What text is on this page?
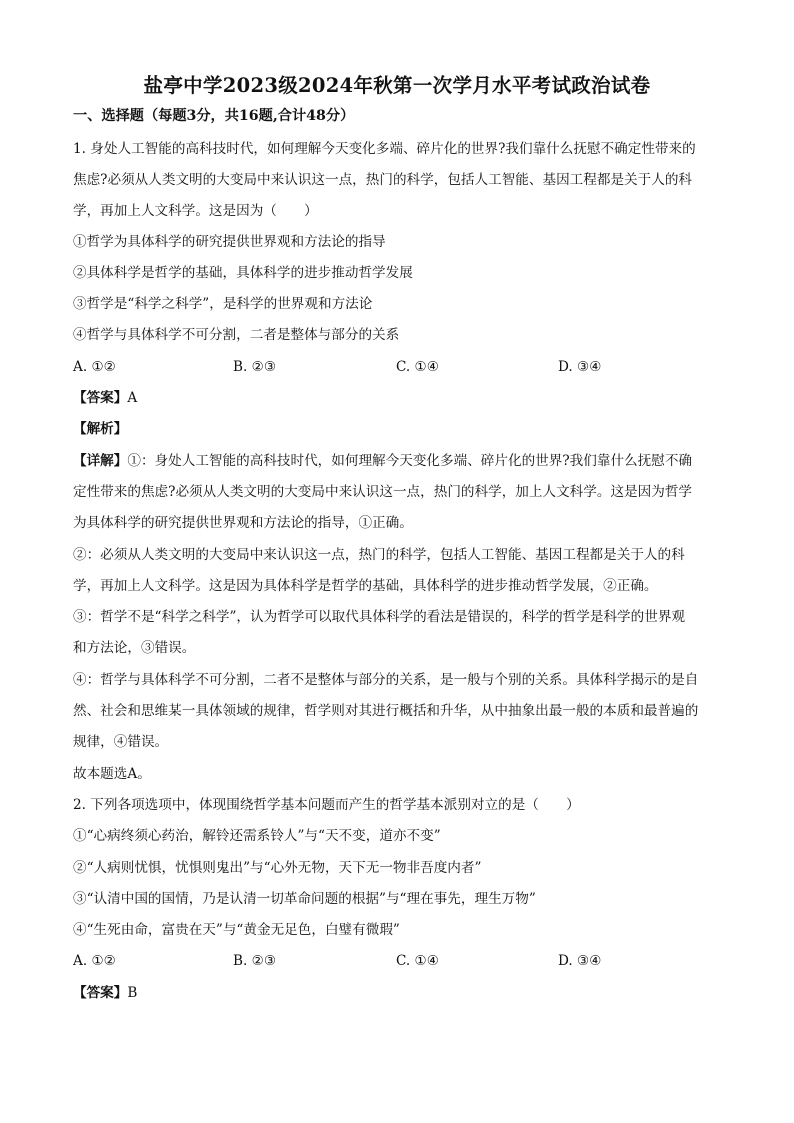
盐亭中学2023级2024年秋第一次学月水平考试政治试卷
一、选择题（每题3分，共16题,合计48分）
1. 身处人工智能的高科技时代，如何理解今天变化多端、碎片化的世界?我们靠什么抚慰不确定性带来的
焦虑?必须从人类文明的大变局中来认识这一点，热门的科学，包括人工智能、基因工程都是关于人的科
学，再加上人文科学。这是因为（　　）
①哲学为具体科学的研究提供世界观和方法论的指导
②具体科学是哲学的基础，具体科学的进步推动哲学发展
③哲学是“科学之科学”，是科学的世界观和方法论
④哲学与具体科学不可分割，二者是整体与部分的关系
A. ①②	B. ②③	C. ①④	D. ③④
【答案】A
【解析】
【详解】①：身处人工智能的高科技时代，如何理解今天变化多端、碎片化的世界?我们靠什么抚慰不确
定性带来的焦虑?必须从人类文明的大变局中来认识这一点，热门的科学，加上人文科学。这是因为哲学
为具体科学的研究提供世界观和方法论的指导，①正确。
②：必须从人类文明的大变局中来认识这一点，热门的科学，包括人工智能、基因工程都是关于人的科
学，再加上人文科学。这是因为具体科学是哲学的基础，具体科学的进步推动哲学发展，②正确。
③：哲学不是“科学之科学”，认为哲学可以取代具体科学的看法是错误的，科学的哲学是科学的世界观
和方法论，③错误。
④：哲学与具体科学不可分割，二者不是整体与部分的关系，是一般与个别的关系。具体科学揭示的是自
然、社会和思维某一具体领域的规律，哲学则对其进行概括和升华，从中抽象出最一般的本质和最普遍的
规律，④错误。
故本题选A。
2. 下列各项选项中，体现围绕哲学基本问题而产生的哲学基本派别对立的是（　　）
①“心病终须心药治，解铃还需系铃人”与“天不变，道亦不变”
②“人病则忧惧，忧惧则鬼出”与“心外无物，天下无一物非吾度内者”
③“认清中国的国情，乃是认清一切革命问题的根据”与“理在事先，理生万物”
④“生死由命，富贵在天”与“黄金无足色，白璧有微瑕”
A. ①②	B. ②③	C. ①④	D. ③④
【答案】B
